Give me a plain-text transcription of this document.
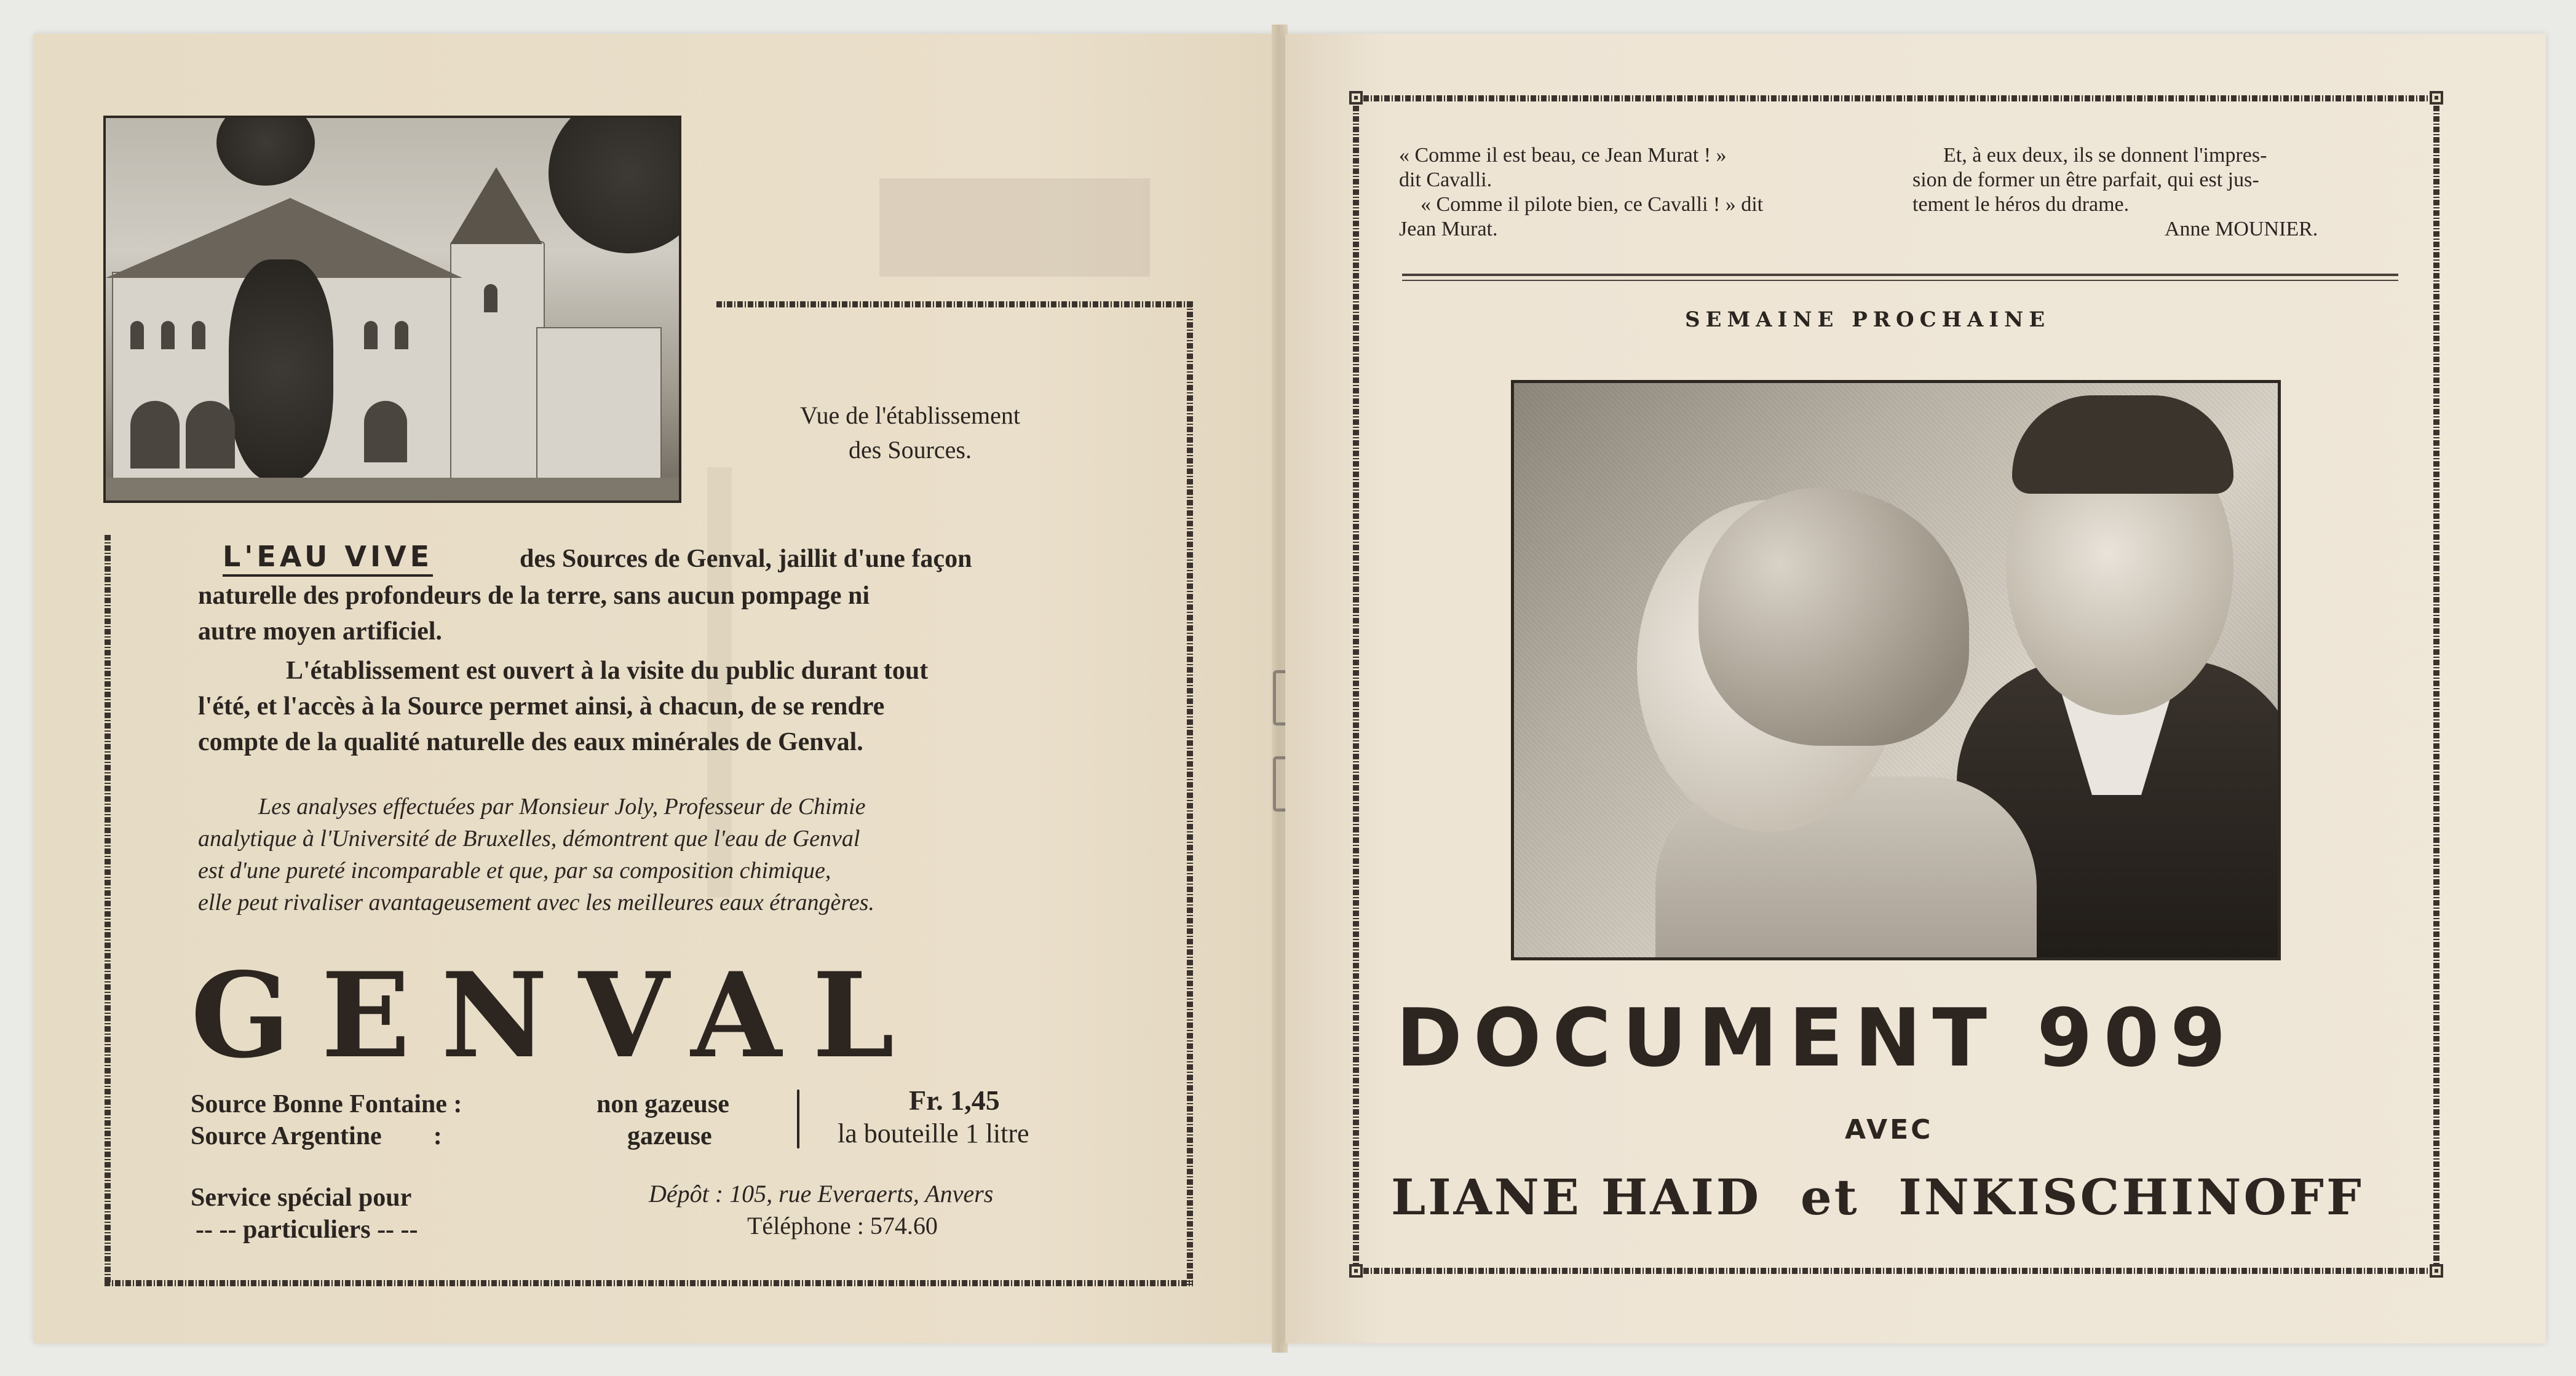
Vue de l'établissement
des Sources.
L'EAU VIVE	des Sources de Genval, jaillit d'une façon
naturelle des profondeurs de la terre, sans aucun pompage ni
autre moyen artificiel.
L'établissement est ouvert à la visite du public durant tout
l'été, et l'accès à la Source permet ainsi, à chacun, de se rendre
compte de la qualité naturelle des eaux minérales de Genval.
Les analyses effectuées par Monsieur Joly, Professeur de Chimie
analytique à l'Université de Bruxelles, démontrent que l'eau de Genval
est d'une pureté incomparable et que, par sa composition chimique,
elle peut rivaliser avantageusement avec les meilleures eaux étrangères.
GENVAL
Source Bonne Fontaine :
Source Argentine        :
non gazeuse
gazeuse
Fr. 1,45
la bouteille 1 litre
Service spécial pour
-- -- particuliers -- --
Dépôt : 105, rue Everaerts, Anvers
Téléphone : 574.60
« Comme il est beau, ce Jean Murat ! »
dit Cavalli.
« Comme il pilote bien, ce Cavalli ! » dit
Jean Murat.
Et, à eux deux, ils se donnent l'impres-
sion de former un être parfait, qui est jus-
tement le héros du drame.
Anne MOUNIER.
SEMAINE PROCHAINE
DOCUMENT 909
AVEC
LIANE HAID  et  INKISCHINOFF
